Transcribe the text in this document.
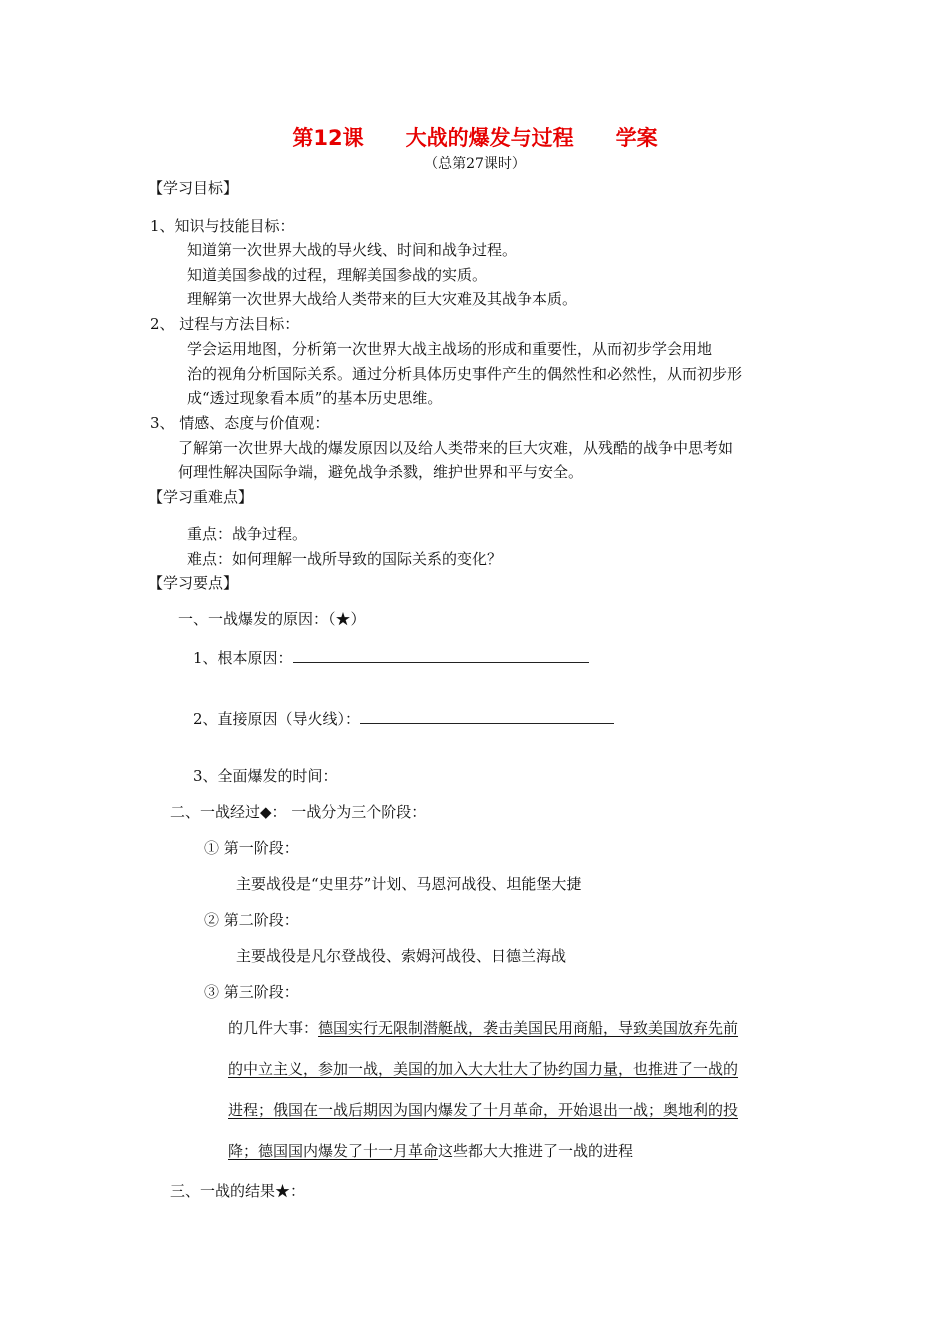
第12课　　大战的爆发与过程　　学案
（总第27课时）
【学习目标】
1、知识与技能目标：
知道第一次世界大战的导火线、时间和战争过程。
知道美国参战的过程，理解美国参战的实质。
理解第一次世界大战给人类带来的巨大灾难及其战争本质。
2、 过程与方法目标：
学会运用地图，分析第一次世界大战主战场的形成和重要性，从而初步学会用地
治的视角分析国际关系。通过分析具体历史事件产生的偶然性和必然性，从而初步形
成“透过现象看本质”的基本历史思维。
3、 情感、态度与价值观：
了解第一次世界大战的爆发原因以及给人类带来的巨大灾难，从残酷的战争中思考如
何理性解决国际争端，避免战争杀戮，维护世界和平与安全。
【学习重难点】
重点：战争过程。
难点：如何理解一战所导致的国际关系的变化？
【学习要点】
一、一战爆发的原因：（★）
1、根本原因：
2、直接原因（导火线）：
3、全面爆发的时间：
二、一战经过◆： 一战分为三个阶段：
① 第一阶段：
主要战役是“史里芬”计划、马恩河战役、坦能堡大捷
② 第二阶段：
主要战役是凡尔登战役、索姆河战役、日德兰海战
③ 第三阶段：
的几件大事：德国实行无限制潜艇战，袭击美国民用商船，导致美国放弃先前
的中立主义，参加一战，美国的加入大大壮大了协约国力量，也推进了一战的
进程；俄国在一战后期因为国内爆发了十月革命，开始退出一战；奥地利的投
降；德国国内爆发了十一月革命这些都大大推进了一战的进程
三、一战的结果★：
